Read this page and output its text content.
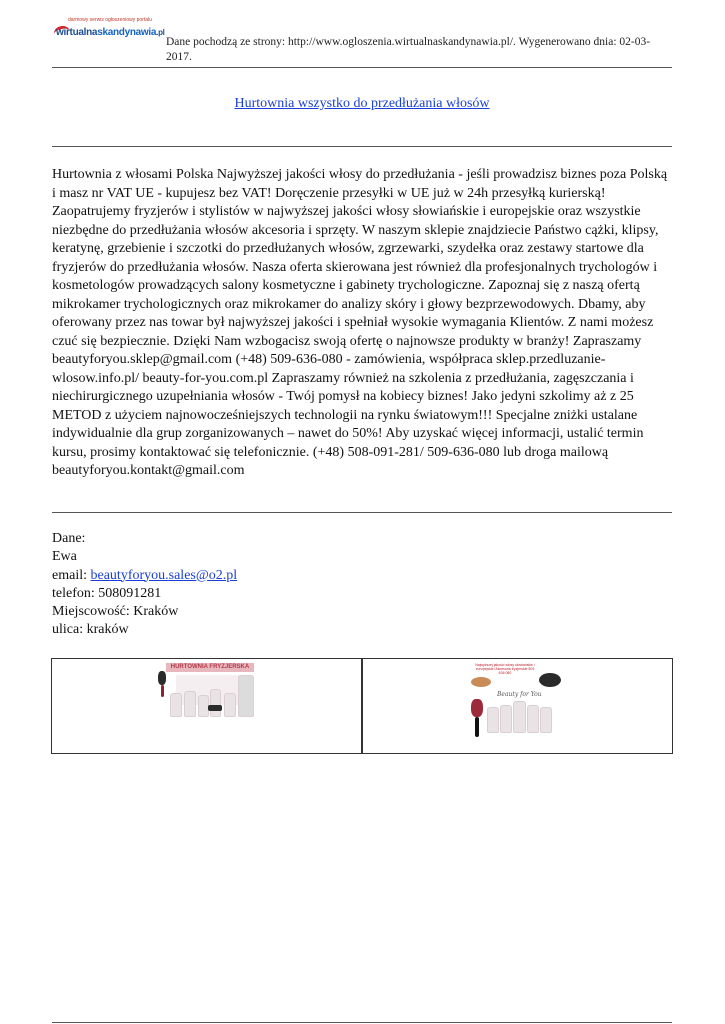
darmowy serwis ogłoszeniowy portalu
wirtualnaskandynawia.pl
Dane pochodzą ze strony: http://www.ogloszenia.wirtualnaskandynawia.pl/. Wygenerowano dnia: 02-03-2017.
Hurtownia wszystko do przedłużania włosów

Hurtownia z włosami Polska Najwyższej jakości włosy do przedłużania - jeśli prowadzisz biznes poza Polską i masz nr VAT UE - kupujesz bez VAT! Doręczenie przesyłki w UE już w 24h przesyłką kurierską! Zaopatrujemy fryzjerów i stylistów w najwyższej jakości włosy słowiańskie i europejskie oraz wszystkie niezbędne do przedłużania włosów akcesoria i sprzęty. W naszym sklepie znajdziecie Państwo cążki, klipsy, keratynę, grzebienie i szczotki do przedłużanych włosów, zgrzewarki, szydełka oraz zestawy startowe dla fryzjerów do przedłużania włosów. Nasza oferta skierowana jest również dla profesjonalnych trychologów i kosmetologów prowadzących salony kosmetyczne i gabinety trychologiczne. Zapoznaj się z naszą ofertą mikrokamer trychologicznych oraz mikrokamer do analizy skóry i głowy bezprzewodowych. Dbamy, aby oferowany przez nas towar był najwyższej jakości i spełniał wysokie wymagania Klientów. Z nami możesz czuć się bezpiecznie. Dzięki Nam wzbogacisz swoją ofertę o najnowsze produkty w branży! Zapraszamy beautyforyou.sklep@gmail.com (+48) 509-636-080 - zamówienia, współpraca sklep.przedluzanie-wlosow.info.pl/ beauty-for-you.com.pl Zapraszamy również na szkolenia z przedłużania, zagęszczania i niechirurgicznego uzupełniania włosów - Twój pomysł na kobiecy biznes! Jako jedyni szkolimy aż z 25 METOD z użyciem najnowocześniejszych technologii na rynku światowym!!! Specjalne zniżki ustalane indywidualnie dla grup zorganizowanych – nawet do 50%! Aby uzyskać więcej informacji, ustalić termin kursu, prosimy kontaktować się telefonicznie. (+48) 508-091-281/ 509-636-080 lub droga mailową beautyforyou.kontakt@gmail.com

Dane:
Ewa
email: beautyforyou.sales@o2.pl
telefon: 508091281
Miejscowość: Kraków
ulica: kraków
HURTOWNIA FRYZJERSKA	Najwyższej jakości włosy słowiańskie i europejskie! Akcesoria fryzjerskie 509 636 080
Beauty for You
